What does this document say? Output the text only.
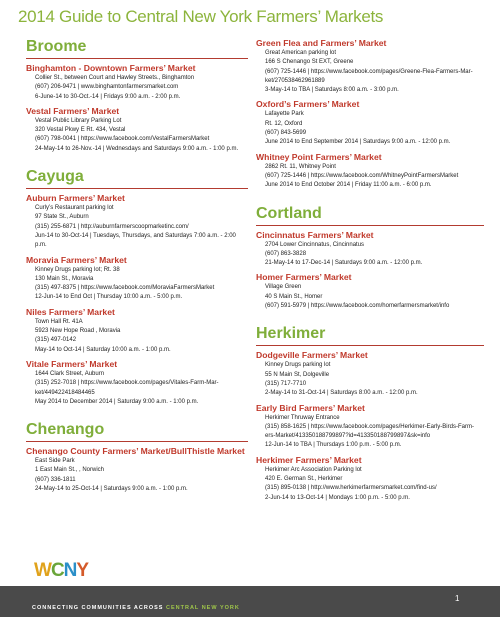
2014 Guide to Central New York Farmers’ Markets
Broome
Binghamton - Downtown Farmers’ Market
Collier St., between Court and Hawley Streets., Binghamton
(607) 206-9471 | www.binghamtonfarmersmarket.com
6-June-14 to 30-Oct.-14 | Fridays 9:00 a.m. - 2:00 p.m.
Vestal Farmers’ Market
Vestal Public Library Parking Lot
320 Vestal Pkwy E Rt. 434, Vestal
(607) 798-0041 | https://www.facebook.com/VestalFarmersMarket
24-May-14 to 26-Nov.-14 | Wednesdays and Saturdays 9:00 a.m. - 1:00 p.m.
Cayuga
Auburn Farmers’ Market
Curly’s Restaurant parking lot
97 State St., Auburn
(315) 255-6871 | http://auburnfarmerscoopmarketinc.com/
Jun-14 to 30-Oct-14 | Tuesdays, Thursdays, and Saturdays 7:00 a.m. - 2:00 p.m.
Moravia Farmers’ Market
Kinney Drugs parking lot; Rt. 38
130 Main St., Moravia
(315) 497-8375 | https://www.facebook.com/MoraviaFarmersMarket
12-Jun-14 to End Oct | Thursday 10:00 a.m. - 5:00 p.m.
Niles Farmers’ Market
Town Hall Rt. 41A
5923 New Hope Road , Moravia
(315) 497-0142
May-14 to Oct-14 | Saturday 10:00 a.m. - 1:00 p.m.
Vitale Farmers’ Market
1644 Clark Street, Auburn
(315) 252-7018 | https://www.facebook.com/pages/Vitales-Farm-Mar-
ket/449422418484465
May 2014 to December 2014 | Saturday 9:00 a.m. - 1:00 p.m.
Chenango
Chenango County Farmers’ Market/BullThistle Market
East Side Park
1 East Main St., , Norwich
(607) 336-1811
24-May-14 to 25-Oct-14 | Saturdays 9:00 a.m. - 1:00 p.m.
Green Flea and Farmers’ Market
Great American parking lot
166 S Chenango St EXT, Greene
(607) 725-1446 | https://www.facebook.com/pages/Greene-Flea-Farmers-Mar-
ket/270538462961889
3-May-14 to TBA | Saturdays 8:00 a.m. - 3:00 p.m.
Oxford’s Farmers’ Market
Lafayette Park
Rt. 12, Oxford
(607) 843-5699
June 2014 to End September 2014 | Saturdays 9:00 a.m. - 12:00 p.m.
Whitney Point Farmers’ Market
2862 Rt. 11, Whitney Point
(607) 725-1446 | https://www.facebook.com/WhitneyPointFarmersMarket
June 2014 to End October 2014 | Friday 11:00 a.m. - 6:00 p.m.
Cortland
Cincinnatus Farmers’ Market
2704 Lower Cincinnatus, Cincinnatus
(607) 863-3828
21-May-14 to 17-Dec-14 | Saturdays 9:00 a.m. - 12:00 p.m.
Homer Farmers’ Market
Village Green
40 S Main St., Homer
(607) 591-5979 | https://www.facebook.com/homerfarmersmarket/info
Herkimer
Dodgeville Farmers’ Market
Kinney Drugs parking lot
55 N Main St, Dolgeville
(315) 717-7710
2-May-14 to 31-Oct-14 | Saturdays 8:00 a.m. - 12:00 p.m.
Early Bird Farmers’ Market
Herkimer Thruway Entrance
(315) 858-1625 | https://www.facebook.com/pages/Herkimer-Early-Birds-Farm-
ers-Market/413350188799897?id=413350188799897&sk=info
12-Jun-14 to TBA | Thursdays 1:00 p.m. - 5:00 p.m.
Herkimer Farmers’ Market
Herkimer Arc Association Parking lot
420 E. German St., Herkimer
(315) 895-0138 | http://www.herkimerfarmersmarket.com/find-us/
2-Jun-14 to 13-Oct-14 | Mondays 1:00 p.m. - 5:00 p.m.
WCNY
CONNECTING COMMUNITIES ACROSS CENTRAL NEW YORK
1
